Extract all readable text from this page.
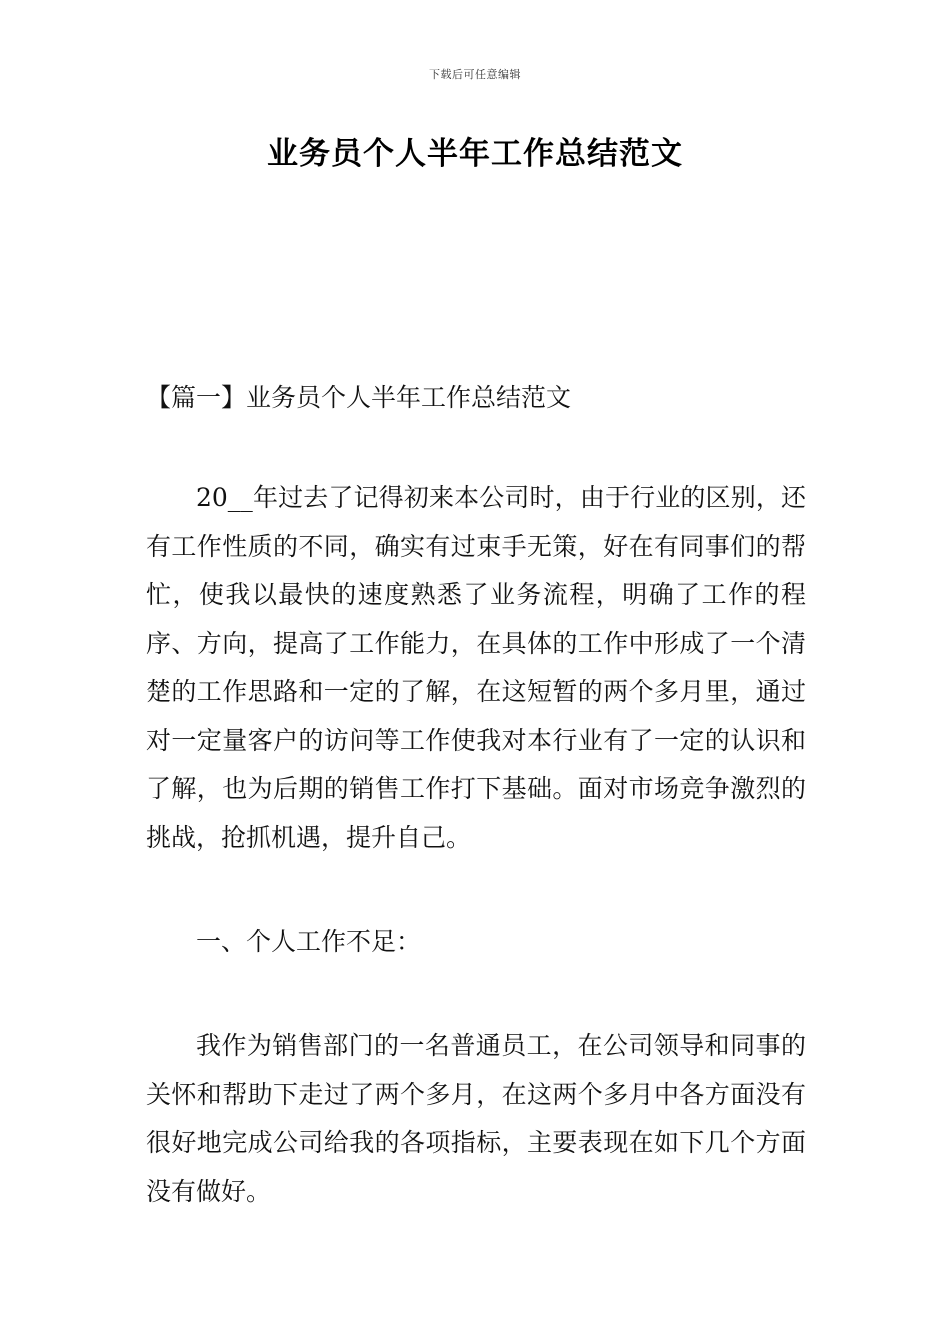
下载后可任意编辑
业务员个人半年工作总结范文
【篇一】业务员个人半年工作总结范文

20__年过去了记得初来本公司时，由于行业的区别，还有工作性质的不同，确实有过束手无策，好在有同事们的帮忙，使我以最快的速度熟悉了业务流程，明确了工作的程序、方向，提高了工作能力，在具体的工作中形成了一个清楚的工作思路和一定的了解，在这短暂的两个多月里，通过对一定量客户的访问等工作使我对本行业有了一定的认识和了解，也为后期的销售工作打下基础。面对市场竞争激烈的挑战，抢抓机遇，提升自己。

一、个人工作不足：

我作为销售部门的一名普通员工，在公司领导和同事的关怀和帮助下走过了两个多月，在这两个多月中各方面没有很好地完成公司给我的各项指标，主要表现在如下几个方面没有做好。
